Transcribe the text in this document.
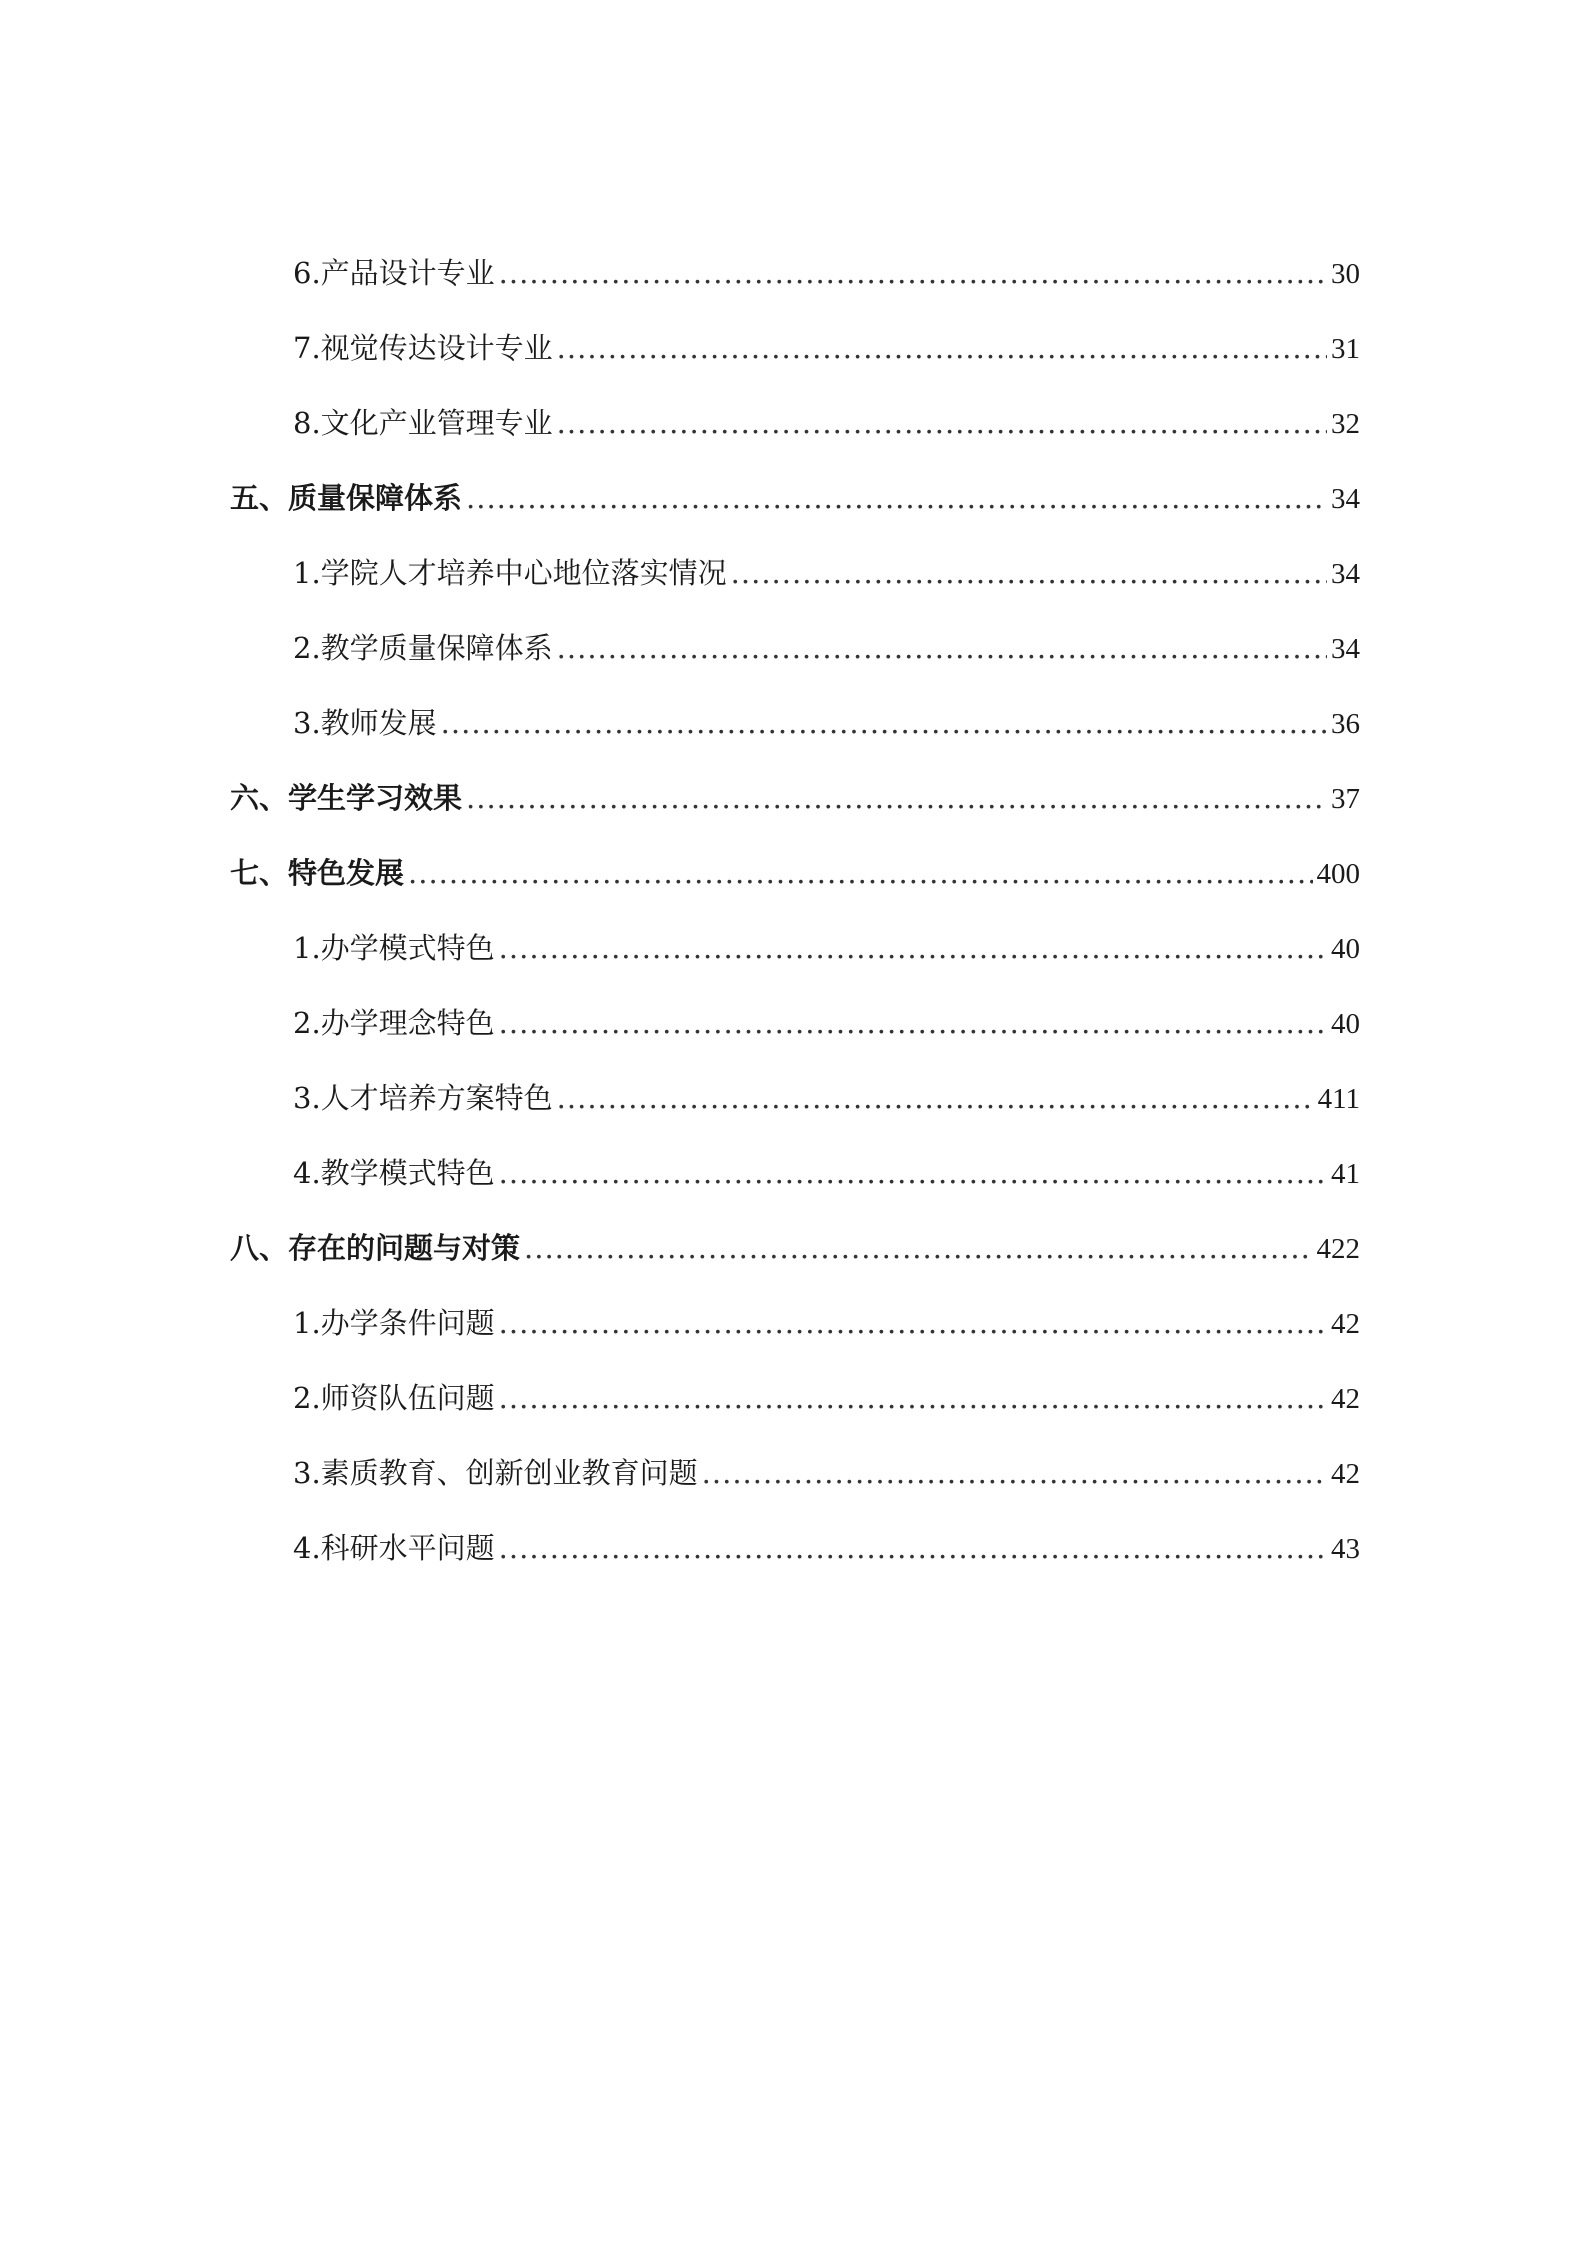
6.产品设计专业 .....	30
7.视觉传达设计专业 .....	31
8.文化产业管理专业 .....	32
五、质量保障体系 .....	34
1.学院人才培养中心地位落实情况 .....	34
2.教学质量保障体系 .....	34
3.教师发展 .....	36
六、学生学习效果 .....	37
七、特色发展 .....	400
1.办学模式特色 .....	40
2.办学理念特色 .....	40
3.人才培养方案特色 .....	411
4.教学模式特色 .....	41
八、存在的问题与对策 .....	422
1.办学条件问题 .....	42
2.师资队伍问题 .....	42
3.素质教育、创新创业教育问题 .....	42
4.科研水平问题 .....	43
